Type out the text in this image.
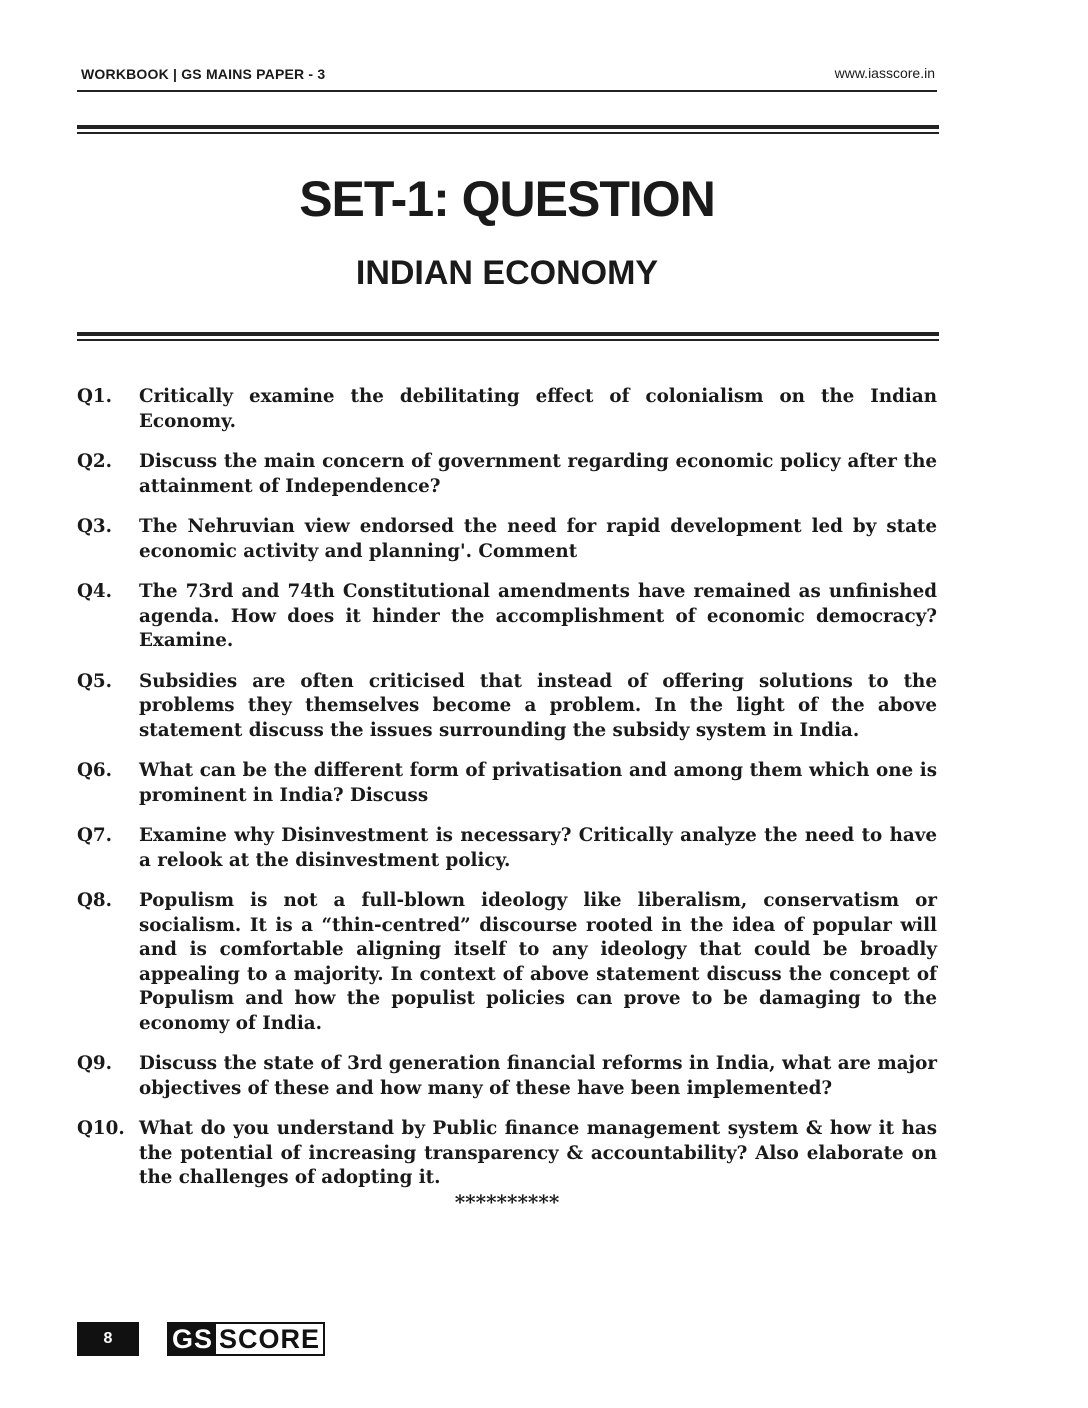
WORKBOOK | GS MAINS PAPER - 3	www.iasscore.in
SET-1: QUESTION
INDIAN ECONOMY
Q1.	Critically examine the debilitating effect of colonialism on the Indian Economy.
Q2.	Discuss the main concern of government regarding economic policy after the attainment of Independence?
Q3.	The Nehruvian view endorsed the need for rapid development led by state economic activity and planning'. Comment
Q4.	The 73rd and 74th Constitutional amendments have remained as unfinished agenda. How does it hinder the accomplishment of economic democracy? Examine.
Q5.	Subsidies are often criticised that instead of offering solutions to the problems they themselves become a problem. In the light of the above statement discuss the issues surrounding the subsidy system in India.
Q6.	What can be the different form of privatisation and among them which one is prominent in India? Discuss
Q7.	Examine why Disinvestment is necessary? Critically analyze the need to have a relook at the disinvestment policy.
Q8.	Populism is not a full-blown ideology like liberalism, conservatism or socialism. It is a “thin-centred” discourse rooted in the idea of popular will and is comfortable aligning itself to any ideology that could be broadly appealing to a majority. In context of above statement discuss the concept of Populism and how the populist policies can prove to be damaging to the economy of India.
Q9.	Discuss the state of 3rd generation financial reforms in India, what are major objectives of these and how many of these have been implemented?
Q10. What do you understand by Public finance management system & how it has the potential of increasing transparency & accountability? Also elaborate on the challenges of adopting it.
**********
8	GS SCORE
